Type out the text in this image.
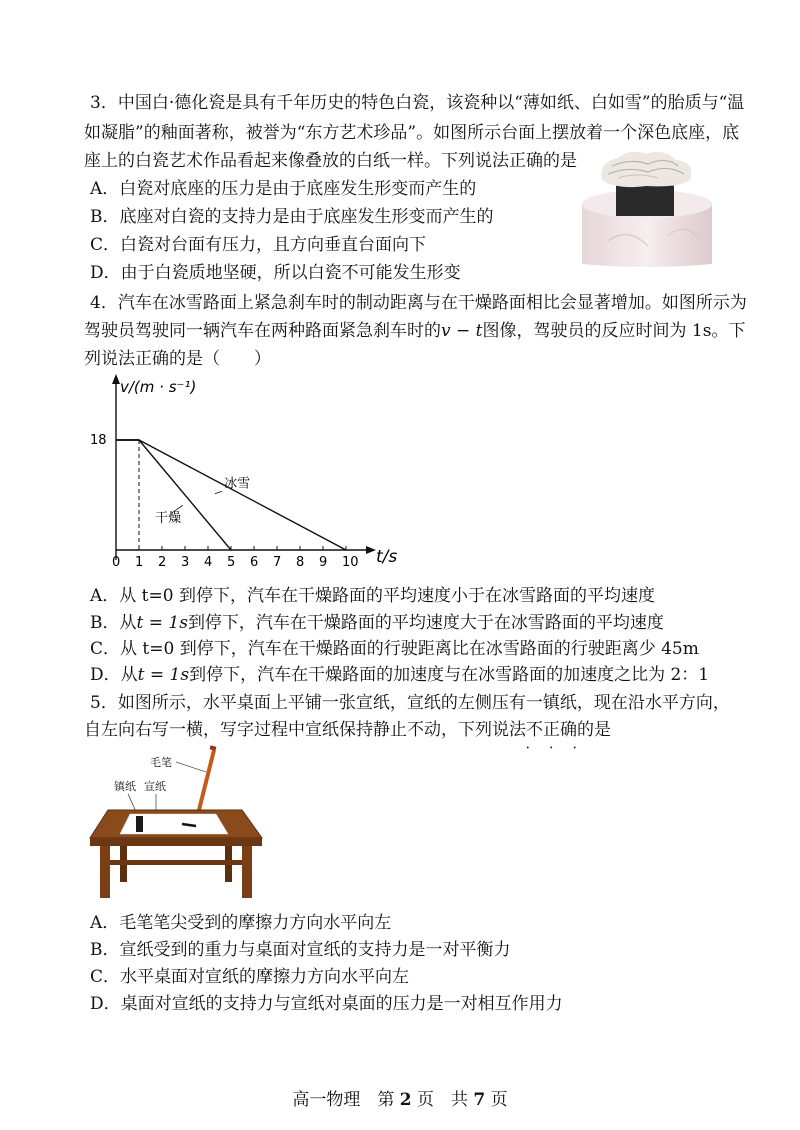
3．中国白·德化瓷是具有千年历史的特色白瓷，该瓷种以“薄如纸、白如雪”的胎质与“温
如凝脂”的釉面著称，被誉为“东方艺术珍品”。如图所示台面上摆放着一个深色底座，底
座上的白瓷艺术作品看起来像叠放的白纸一样。下列说法正确的是
A．白瓷对底座的压力是由于底座发生形变而产生的
B．底座对白瓷的支持力是由于底座发生形变而产生的
C．白瓷对台面有压力，且方向垂直台面向下
D．由于白瓷质地坚硬，所以白瓷不可能发生形变
4．汽车在冰雪路面上紧急刹车时的制动距离与在干燥路面相比会显著增加。如图所示为
驾驶员驾驶同一辆汽车在两种路面紧急刹车时的v − t图像，驾驶员的反应时间为 1s。下
列说法正确的是（　　）
v/(m · s⁻¹)
t/s
0 1 2 3 4 5 6 7 8 9 10
18
冰雪
干燥
A．从 t=0 到停下，汽车在干燥路面的平均速度小于在冰雪路面的平均速度
B．从t = 1s到停下，汽车在干燥路面的平均速度大于在冰雪路面的平均速度
C．从 t=0 到停下，汽车在干燥路面的行驶距离比在冰雪路面的行驶距离少 45m
D．从t = 1s到停下，汽车在干燥路面的加速度与在冰雪路面的加速度之比为 2：1
5．如图所示，水平桌面上平铺一张宣纸，宣纸的左侧压有一镇纸，现在沿水平方向，
自左向右写一横，写字过程中宣纸保持静止不动，下列说法不正确 • • •的是
毛笔
镇纸 宣纸
A．毛笔笔尖受到的摩擦力方向水平向左
B．宣纸受到的重力与桌面对宣纸的支持力是一对平衡力
C．水平桌面对宣纸的摩擦力方向水平向左
D．桌面对宣纸的支持力与宣纸对桌面的压力是一对相互作用力
高一物理　第 2 页　共 7 页
